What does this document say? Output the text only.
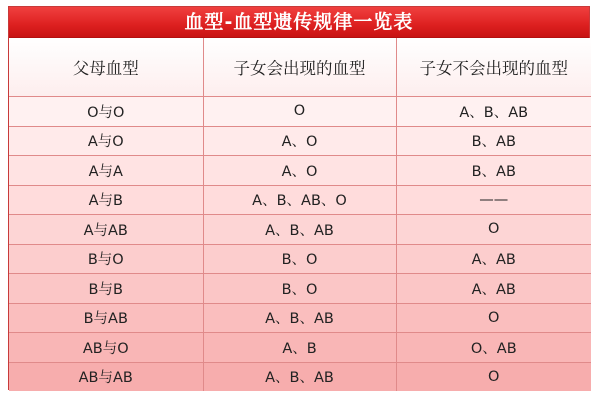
血型-血型遗传规律一览表
父母血型	子女会出现的血型	子女不会出现的血型
O与O	O	A、B、AB
A与O	A、O	B、AB
A与A	A、O	B、AB
A与B	A、B、AB、O	——
A与AB	A、B、AB	O
B与O	B、O	A、AB
B与B	B、O	A、AB
B与AB	A、B、AB	O
AB与O	A、B	O、AB
AB与AB	A、B、AB	O
